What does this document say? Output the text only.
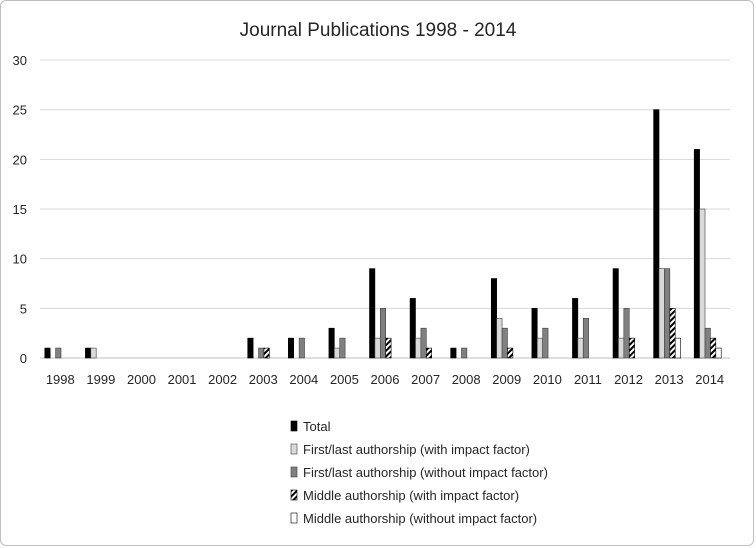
Journal Publications 1998 - 2014
0
5
10
15
20
25
30
1998 1999 2000 2001 2002 2003 2004 2005 2006 2007 2008 2009 2010 2011 2012 2013 2014
Total
First/last authorship (with impact factor)
First/last authorship (without impact factor)
Middle authorship (with impact factor)
Middle authorship (without impact factor)
